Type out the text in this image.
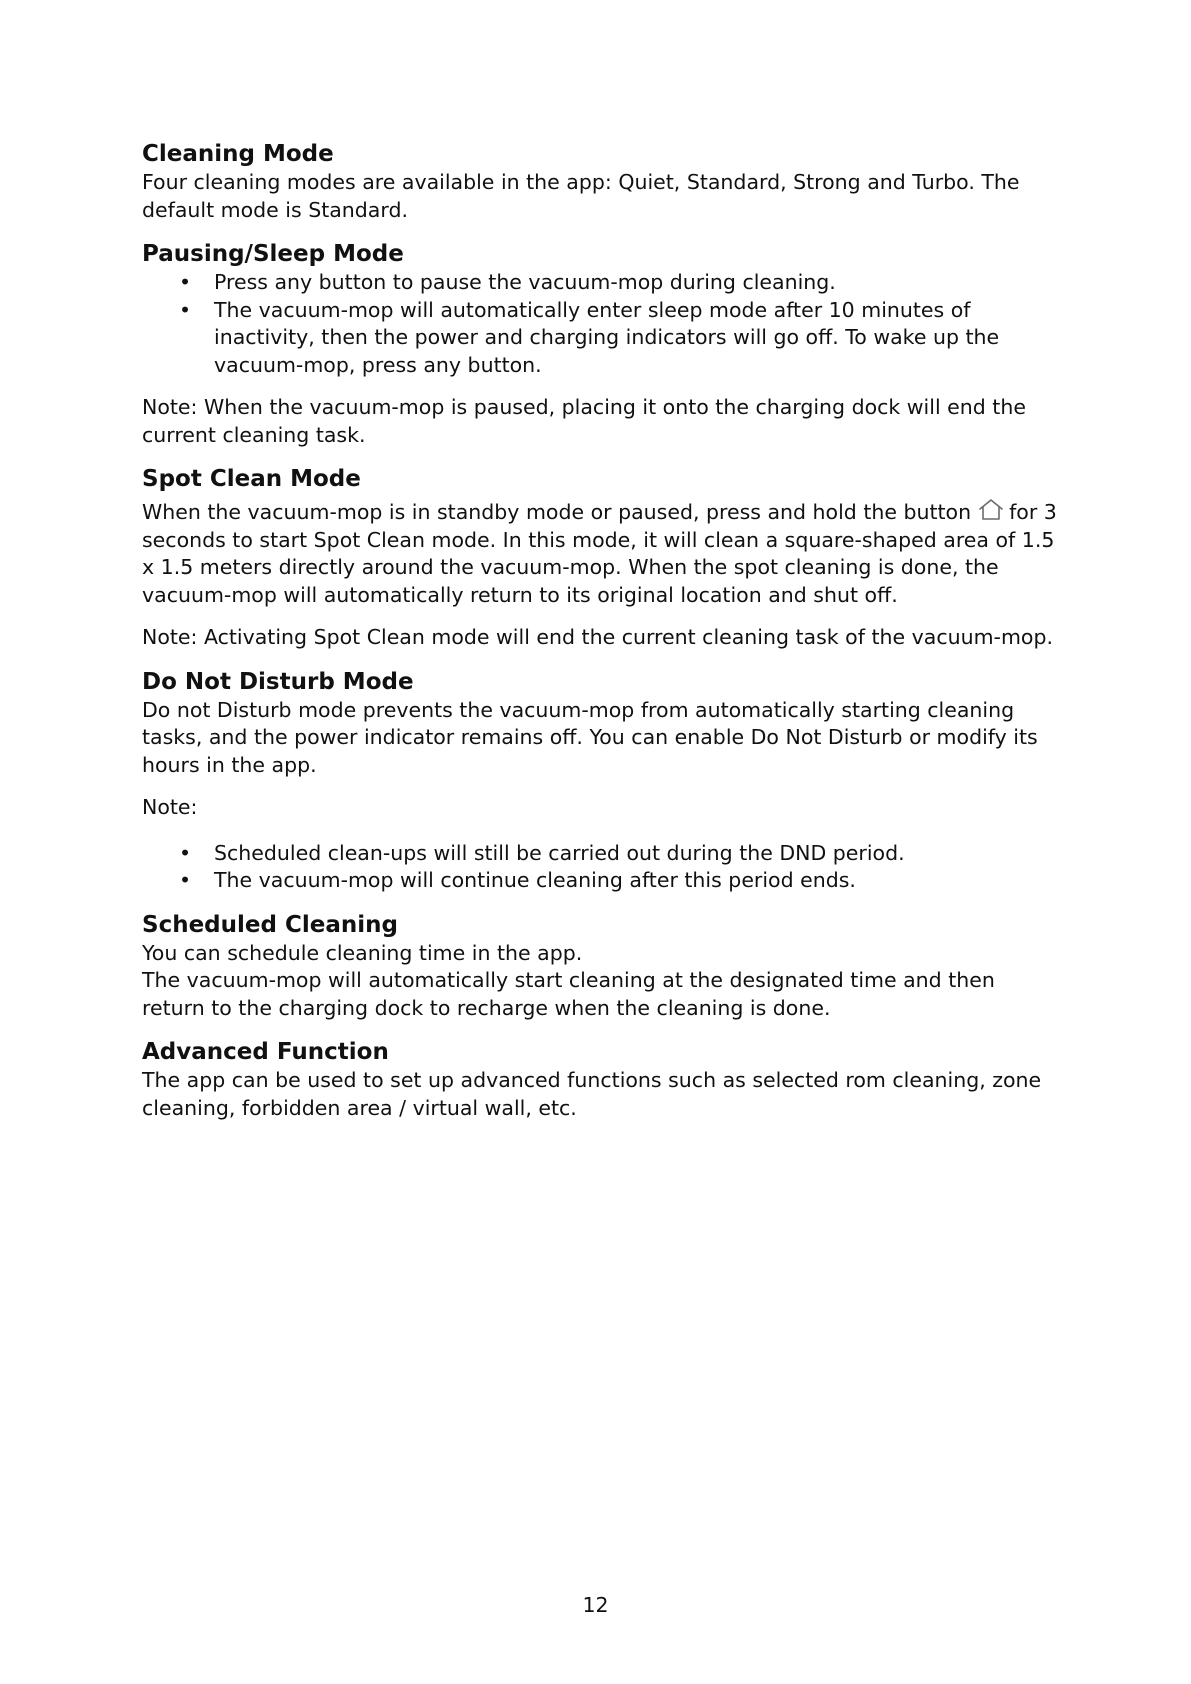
Cleaning Mode

Four cleaning modes are available in the app: Quiet, Standard, Strong and Turbo. The default mode is Standard.

Pausing/Sleep Mode
• Press any button to pause the vacuum-mop during cleaning.
• The vacuum-mop will automatically enter sleep mode after 10 minutes of inactivity, then the power and charging indicators will go off. To wake up the vacuum-mop, press any button.

Note: When the vacuum-mop is paused, placing it onto the charging dock will end the current cleaning task.

Spot Clean Mode

When the vacuum-mop is in standby mode or paused, press and hold the button for 3 seconds to start Spot Clean mode. In this mode, it will clean a square-shaped area of 1.5 x 1.5 meters directly around the vacuum-mop. When the spot cleaning is done, the vacuum-mop will automatically return to its original location and shut off.

Note: Activating Spot Clean mode will end the current cleaning task of the vacuum-mop.

Do Not Disturb Mode

Do not Disturb mode prevents the vacuum-mop from automatically starting cleaning tasks, and the power indicator remains off. You can enable Do Not Disturb or modify its hours in the app.

Note:

• Scheduled clean-ups will still be carried out during the DND period.
• The vacuum-mop will continue cleaning after this period ends.
Scheduled Cleaning
You can schedule cleaning time in the app.

The vacuum-mop will automatically start cleaning at the designated time and then return to the charging dock to recharge when the cleaning is done.

Advanced Function

The app can be used to set up advanced functions such as selected rom cleaning, zone cleaning, forbidden area / virtual wall, etc.

12
